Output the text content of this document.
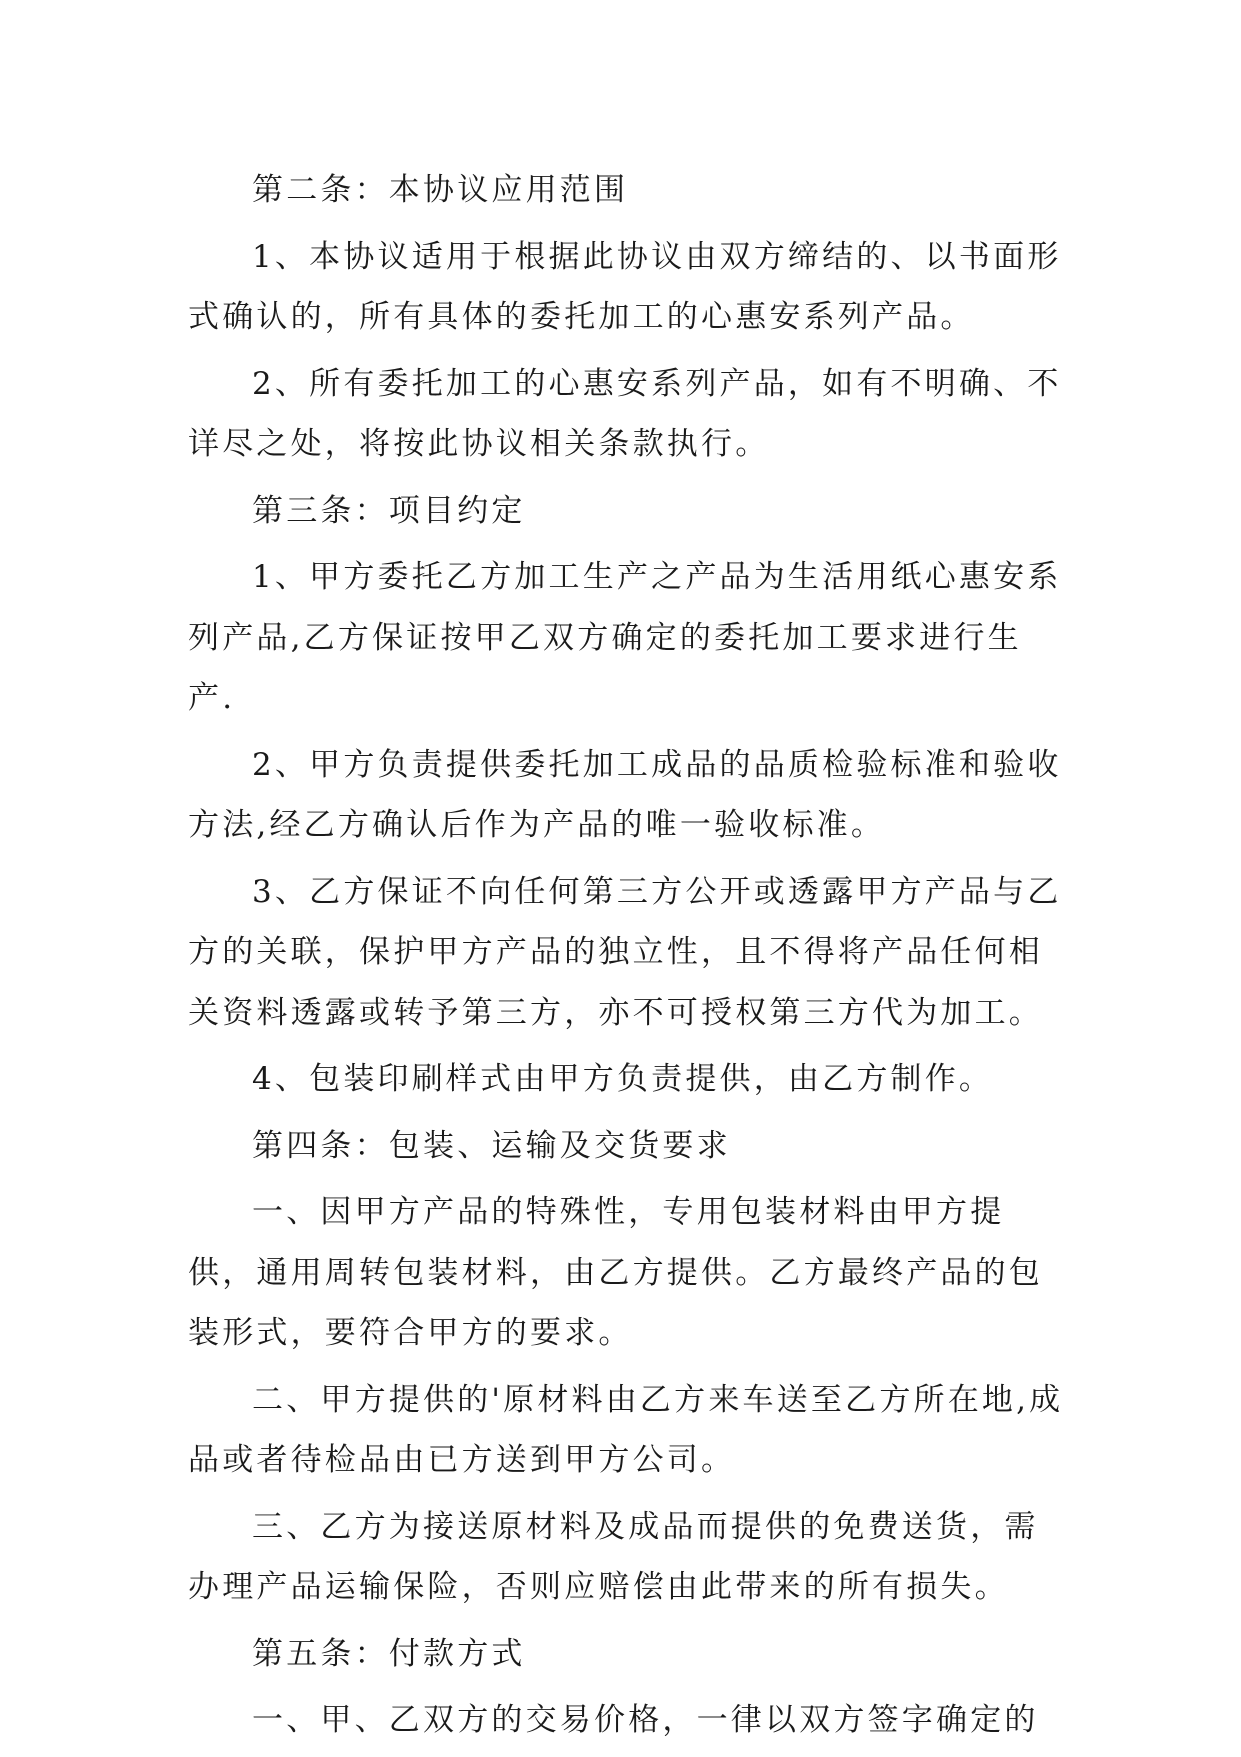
第二条：本协议应用范围

1、本协议适用于根据此协议由双方缔结的、以书面形式确认的，所有具体的委托加工的心惠安系列产品。

2、所有委托加工的心惠安系列产品，如有不明确、不详尽之处，将按此协议相关条款执行。

第三条：项目约定

1、甲方委托乙方加工生产之产品为生活用纸心惠安系列产品,乙方保证按甲乙双方确定的委托加工要求进行生产.

2、甲方负责提供委托加工成品的品质检验标准和验收方法,经乙方确认后作为产品的唯一验收标准。

3、乙方保证不向任何第三方公开或透露甲方产品与乙方的关联，保护甲方产品的独立性，且不得将产品任何相关资料透露或转予第三方，亦不可授权第三方代为加工。

4、包装印刷样式由甲方负责提供，由乙方制作。

第四条：包装、运输及交货要求

一、因甲方产品的特殊性，专用包装材料由甲方提供，通用周转包装材料，由乙方提供。乙方最终产品的包装形式，要符合甲方的要求。

二、甲方提供的'原材料由乙方来车送至乙方所在地,成品或者待检品由已方送到甲方公司。

三、乙方为接送原材料及成品而提供的免费送货，需办理产品运输保险，否则应赔偿由此带来的所有损失。

第五条：付款方式

一、甲、乙双方的交易价格，一律以双方签字确定的
